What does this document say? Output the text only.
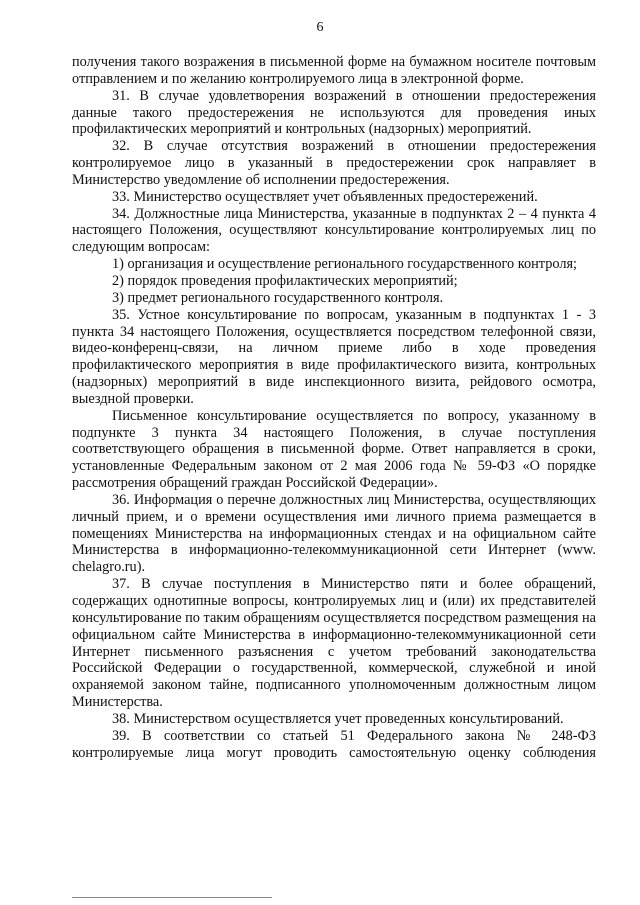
6

получения такого возражения в письменной форме на бумажном носителе почтовым отправлением и по желанию контролируемого лица в электронной форме.

31. В случае удовлетворения возражений в отношении предостережения данные такого предостережения не используются для проведения иных профилактических мероприятий и контрольных (надзорных) мероприятий.

32. В случае отсутствия возражений в отношении предостережения контролируемое лицо в указанный в предостережении срок направляет в Министерство уведомление об исполнении предостережения.

33. Министерство осуществляет учет объявленных предостережений.

34. Должностные лица Министерства, указанные в подпунктах 2 – 4 пункта 4 настоящего Положения, осуществляют консультирование контролируемых лиц по следующим вопросам:

1) организация и осуществление регионального государственного контроля;

2) порядок проведения профилактических мероприятий;

3) предмет регионального государственного контроля.

35. Устное консультирование по вопросам, указанным в подпунктах 1 - 3 пункта 34 настоящего Положения, осуществляется посредством телефонной связи, видео-конференц-связи, на личном приеме либо в ходе проведения профилактического мероприятия в виде профилактического визита, контрольных (надзорных) мероприятий в виде инспекционного визита, рейдового осмотра, выездной проверки.

Письменное консультирование осуществляется по вопросу, указанному в подпункте 3 пункта 34 настоящего Положения, в случае поступления соответствующего обращения в письменной форме. Ответ направляется в сроки, установленные Федеральным законом от 2 мая 2006 года № 59-ФЗ «О порядке рассмотрения обращений граждан Российской Федерации».

36. Информация о перечне должностных лиц Министерства, осуществляющих личный прием, и о времени осуществления ими личного приема размещается в помещениях Министерства на информационных стендах и на официальном сайте Министерства в информационно-телекоммуникационной сети Интернет (www. chelagro.ru).

37. В случае поступления в Министерство пяти и более обращений, содержащих однотипные вопросы, контролируемых лиц и (или) их представителей консультирование по таким обращениям осуществляется посредством размещения на официальном сайте Министерства в информационно-телекоммуникационной сети Интернет письменного разъяснения с учетом требований законодательства Российской Федерации о государственной, коммерческой, служебной и иной охраняемой законом тайне, подписанного уполномоченным должностным лицом Министерства.

38. Министерством осуществляется учет проведенных консультирований.

39. В соответствии со статьей 51 Федерального закона № 248-ФЗ контролируемые лица могут проводить самостоятельную оценку соблюдения
